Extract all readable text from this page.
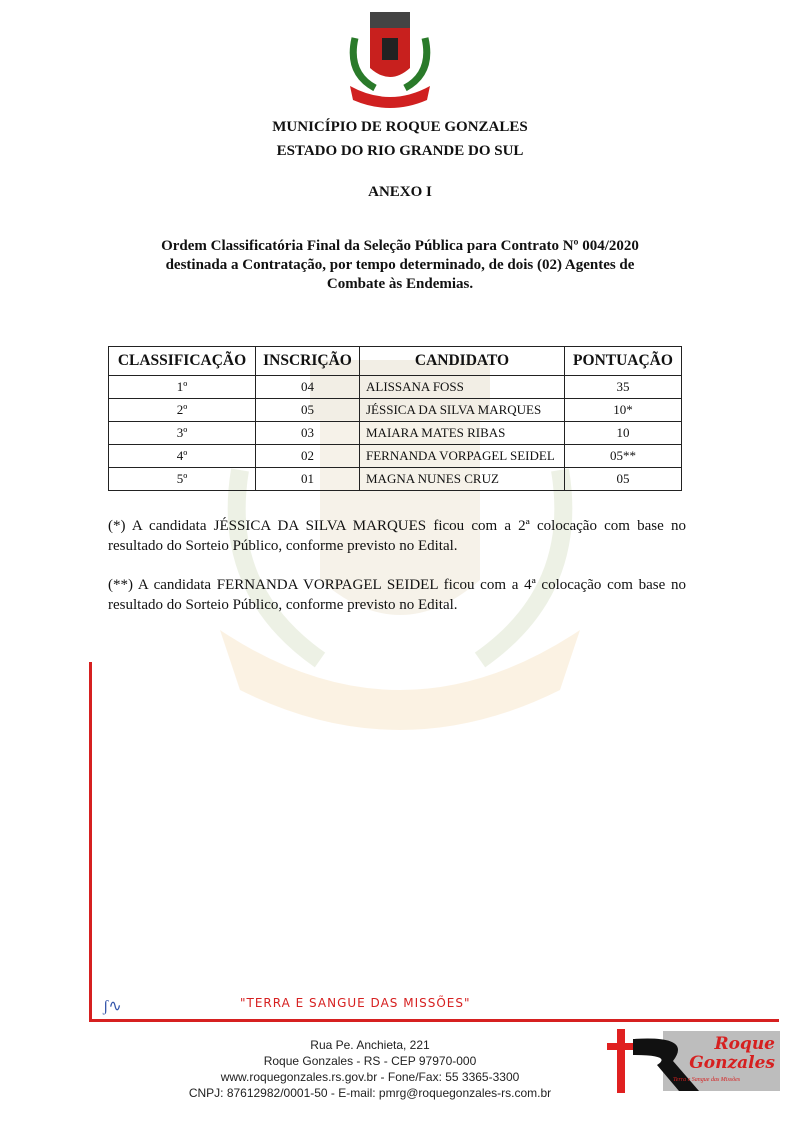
MUNICÍPIO DE ROQUE GONZALES
ESTADO DO RIO GRANDE DO SUL
ANEXO I
Ordem Classificatória Final da Seleção Pública para Contrato Nº 004/2020
destinada a Contratação, por tempo determinado, de dois (02) Agentes de
Combate às Endemias.
CLASSIFICAÇÃO	INSCRIÇÃO	CANDIDATO	PONTUAÇÃO
1º	04	ALISSANA FOSS	35
2º	05	JÉSSICA DA SILVA MARQUES	10*
3º	03	MAIARA MATES RIBAS	10
4º	02	FERNANDA VORPAGEL SEIDEL	05**
5º	01	MAGNA NUNES CRUZ	05
(*) A candidata JÉSSICA DA SILVA MARQUES ficou com a 2ª colocação com base no resultado do Sorteio Público, conforme previsto no Edital.
(**) A candidata FERNANDA VORPAGEL SEIDEL ficou com a 4ª colocação com base no resultado do Sorteio Público, conforme previsto no Edital.
ʃ∿	"TERRA E SANGUE DAS MISSÕES"
Rua Pe. Anchieta, 221
Roque Gonzales - RS - CEP 97970-000
www.roquegonzales.rs.gov.br - Fone/Fax: 55 3365-3300
CNPJ: 87612982/0001-50 - E-mail: pmrg@roquegonzales-rs.com.br
Roque
Gonzales
Terra e Sangue das Missões
